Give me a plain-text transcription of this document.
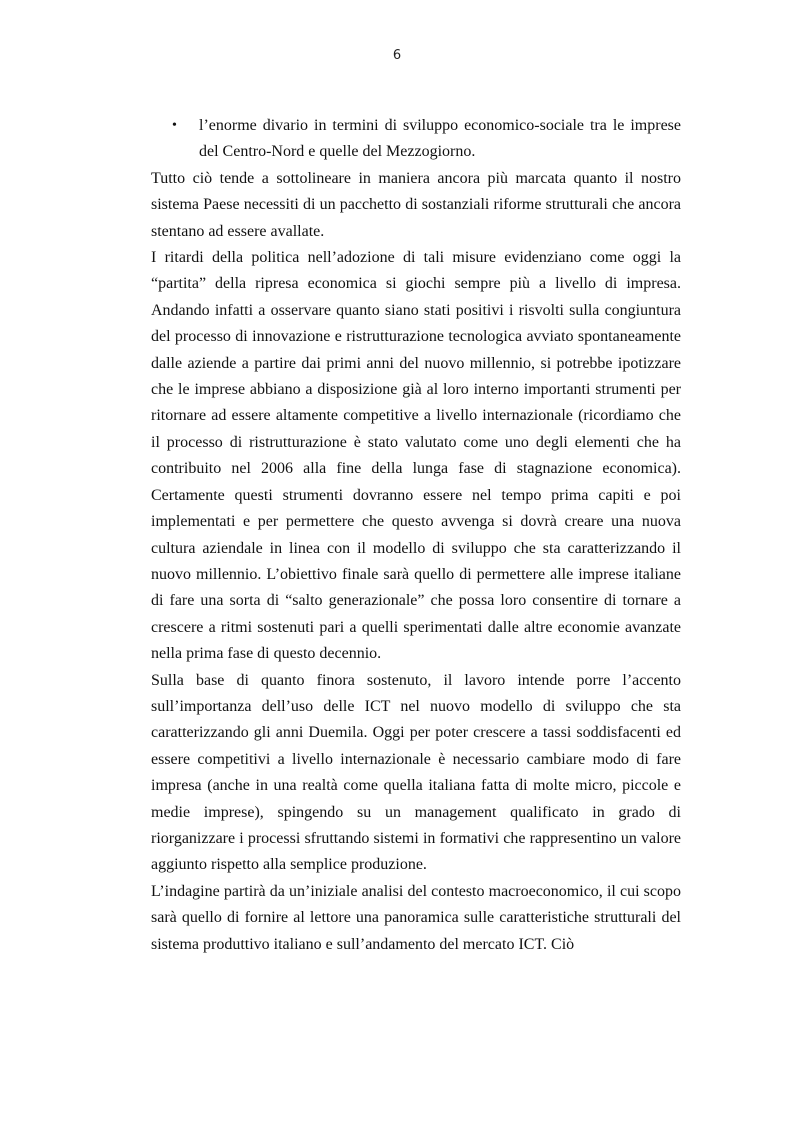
6
•	l’enorme divario in termini di sviluppo economico-sociale tra le imprese del Centro-Nord e quelle del Mezzogiorno.

Tutto ciò tende a sottolineare in maniera ancora più marcata quanto il nostro sistema Paese necessiti di un pacchetto di sostanziali riforme strutturali che ancora stentano ad essere avallate.

I ritardi della politica nell’adozione di tali misure evidenziano come oggi la “partita” della ripresa economica si giochi sempre più a livello di impresa. Andando infatti a osservare quanto siano stati positivi i risvolti sulla congiuntura del processo di innovazione e ristrutturazione tecnologica avviato spontaneamente dalle aziende a partire dai primi anni del nuovo millennio, si potrebbe ipotizzare che le imprese abbiano a disposizione già al loro interno importanti strumenti per ritornare ad essere altamente competitive a livello internazionale (ricordiamo che il processo di ristrutturazione è stato valutato come uno degli elementi che ha contribuito nel 2006 alla fine della lunga fase di stagnazione economica). Certamente questi strumenti dovranno essere nel tempo prima capiti e poi implementati e per permettere che questo avvenga si dovrà creare una nuova cultura aziendale in linea con il modello di sviluppo che sta caratterizzando il nuovo millennio. L’obiettivo finale sarà quello di permettere alle imprese italiane di fare una sorta di “salto generazionale” che possa loro consentire di tornare a crescere a ritmi sostenuti pari a quelli sperimentati dalle altre economie avanzate nella prima fase di questo decennio.

Sulla base di quanto finora sostenuto, il lavoro intende porre l’accento sull’importanza dell’uso delle ICT nel nuovo modello di sviluppo che sta caratterizzando gli anni Duemila. Oggi per poter crescere a tassi soddisfacenti ed essere competitivi a livello internazionale è necessario cambiare modo di fare impresa (anche in una realtà come quella italiana fatta di molte micro, piccole e medie imprese), spingendo su un management qualificato in grado di riorganizzare i processi sfruttando sistemi in formativi che rappresentino un valore aggiunto rispetto alla semplice produzione.

L’indagine partirà da un’iniziale analisi del contesto macroeconomico, il cui scopo sarà quello di fornire al lettore una panoramica sulle caratteristiche strutturali del sistema produttivo italiano e sull’andamento del mercato ICT. Ciò
